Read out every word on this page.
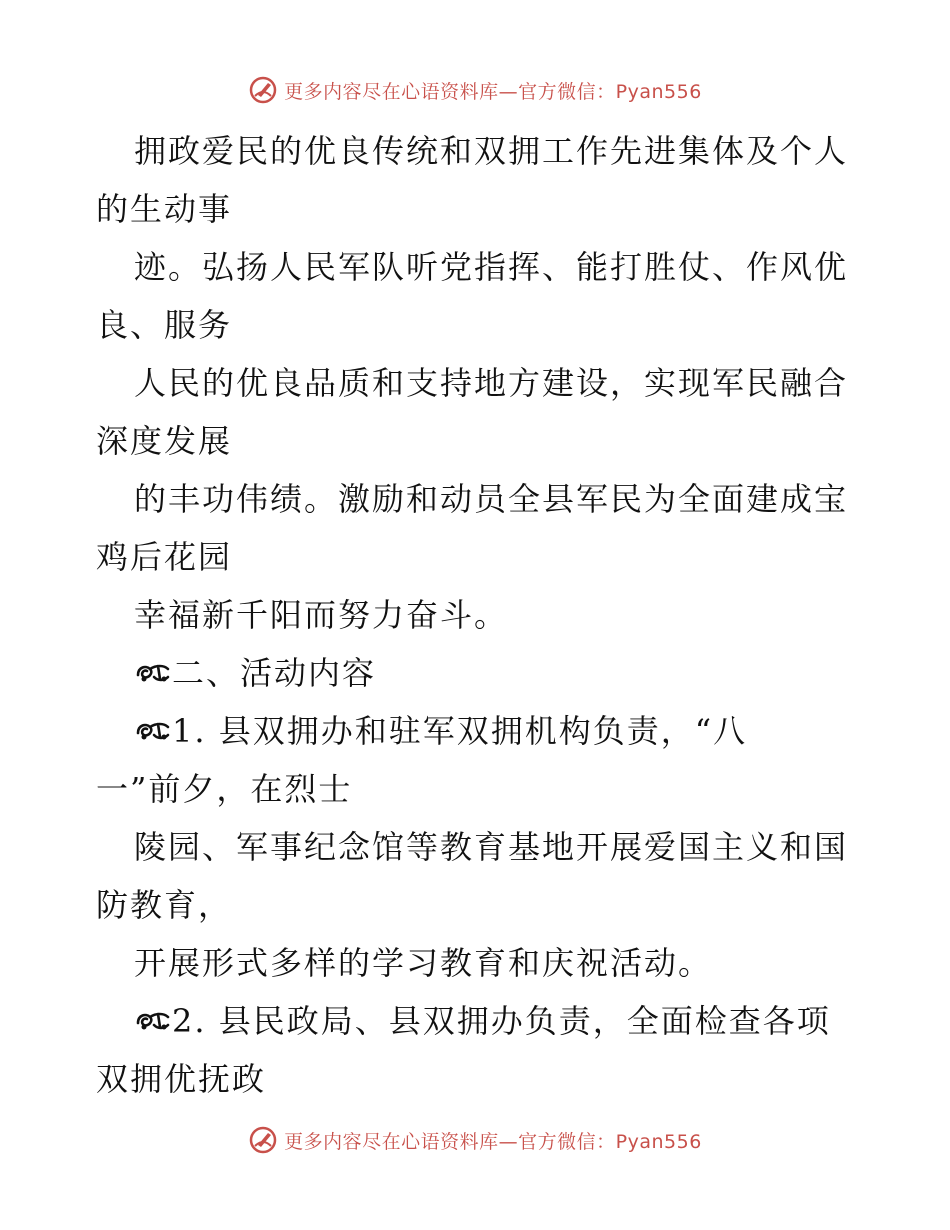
更多内容尽在心语资料库—官方微信：Pyan556
拥政爱民的优良传统和双拥工作先进集体及个人
的生动事
迹。弘扬人民军队听党指挥、能打胜仗、作风优
良、服务
人民的优良品质和支持地方建设，实现军民融合
深度发展
的丰功伟绩。激励和动员全县军民为全面建成宝
鸡后花园
幸福新千阳而努力奋斗。
二、活动内容
1. 县双拥办和驻军双拥机构负责，“八
一”前夕，在烈士
陵园、军事纪念馆等教育基地开展爱国主义和国
防教育，
开展形式多样的学习教育和庆祝活动。
2. 县民政局、县双拥办负责，全面检查各项
双拥优抚政
更多内容尽在心语资料库—官方微信：Pyan556
